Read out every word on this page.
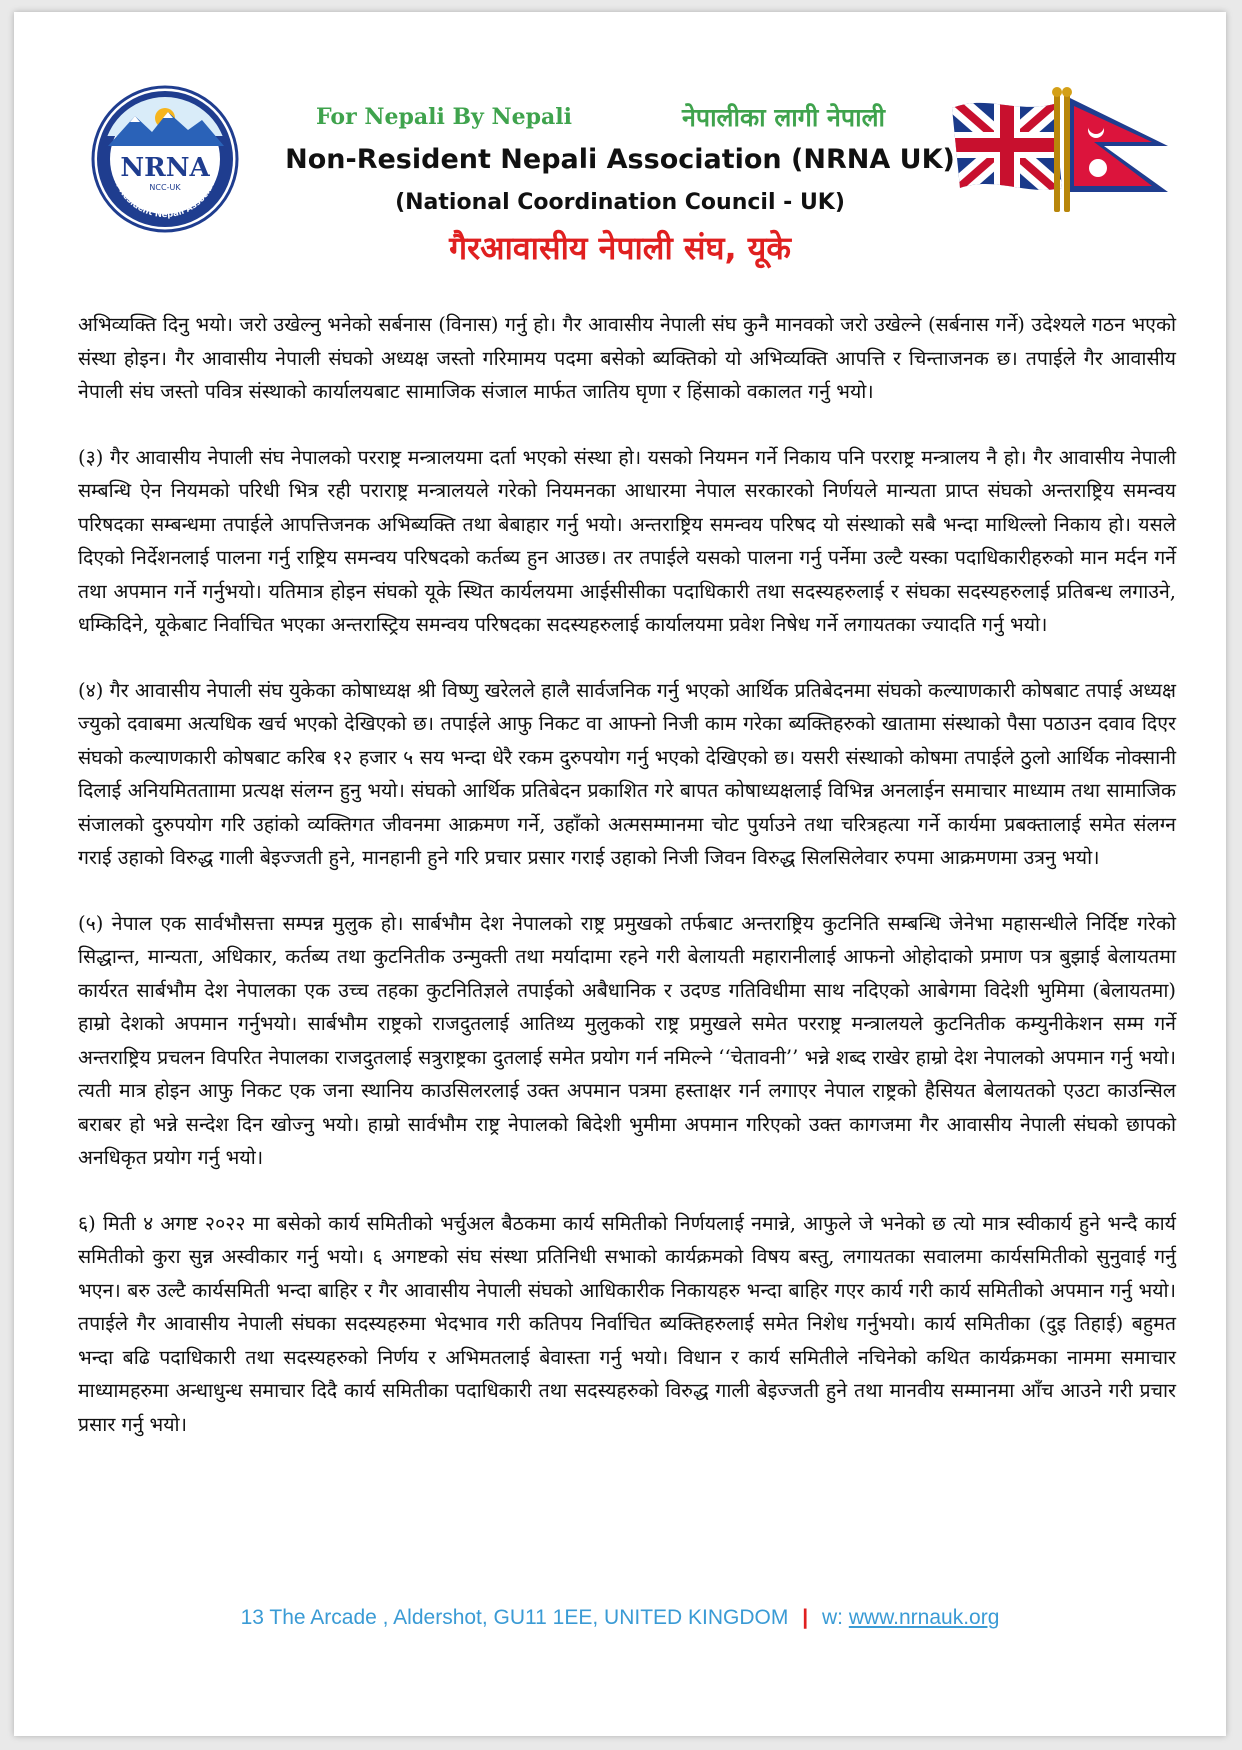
NRNA
NCC-UK
Non-Resident Nepali Association
For Nepali By Nepali	नेपालीका लागी नेपाली
Non-Resident Nepali Association (NRNA UK)
(National Coordination Council - UK)
गैरआवासीय नेपाली संघ, यूके

अभिव्यक्ति दिनु भयो। जरो उखेल्नु भनेको सर्बनास (विनास) गर्नु हो। गैर आवासीय नेपाली संघ कुनै मानवको जरो उखेल्ने (सर्बनास गर्ने) उदेश्यले गठन भएको संस्था होइन। गैर आवासीय नेपाली संघको अध्यक्ष जस्तो गरिमामय पदमा बसेको ब्यक्तिको यो अभिव्यक्ति आपत्ति र चिन्ताजनक छ। तपाईले गैर आवासीय नेपाली संघ जस्तो पवित्र संस्थाको कार्यालयबाट सामाजिक संजाल मार्फत जातिय घृणा र हिंसाको वकालत गर्नु भयो।

(३) गैर आवासीय नेपाली संघ नेपालको परराष्ट्र मन्त्रालयमा दर्ता भएको संस्था हो। यसको नियमन गर्ने निकाय पनि परराष्ट्र मन्त्रालय नै हो। गैर आवासीय नेपाली सम्बन्धि ऐन नियमको परिधी भित्र रही पराराष्ट्र मन्त्रालयले गरेको नियमनका आधारमा नेपाल सरकारको निर्णयले मान्यता प्राप्त संघको अन्तराष्ट्रिय समन्वय परिषदका सम्बन्धमा तपाईले आपत्तिजनक अभिब्यक्ति तथा बेबाहार गर्नु भयो। अन्तराष्ट्रिय समन्वय परिषद यो संस्थाको सबै भन्दा माथिल्लो निकाय हो। यसले दिएको निर्देशनलाई पालना गर्नु राष्ट्रिय समन्वय परिषदको कर्तब्य हुन आउछ। तर तपाईले यसको पालना गर्नु पर्नेमा उल्टै यस्का पदाधिकारीहरुको मान मर्दन गर्ने तथा अपमान गर्ने गर्नुभयो। यतिमात्र होइन संघको यूके स्थित कार्यलयमा आईसीसीका पदाधिकारी तथा सदस्यहरुलाई र संघका सदस्यहरुलाई प्रतिबन्ध लगाउने, धम्किदिने, यूकेबाट निर्वाचित भएका अन्तरास्ट्रिय समन्वय परिषदका सदस्यहरुलाई कार्यालयमा प्रवेश निषेध गर्ने लगायतका ज्यादति गर्नु भयो।

(४) गैर आवासीय नेपाली संघ युकेका कोषाध्यक्ष श्री विष्णु खरेलले हालै सार्वजनिक गर्नु भएको आर्थिक प्रतिबेदनमा संघको कल्याणकारी कोषबाट तपाई अध्यक्ष ज्युको दवाबमा अत्यधिक खर्च भएको देखिएको छ। तपाईले आफु निकट वा आफ्नो निजी काम गरेका ब्यक्तिहरुको खातामा संस्थाको पैसा पठाउन दवाव दिएर संघको कल्याणकारी कोषबाट करिब १२ हजार ५ सय भन्दा धेरै रकम दुरुपयोग गर्नु भएको देखिएको छ। यसरी संस्थाको कोषमा तपाईले ठुलो आर्थिक नोक्सानी दिलाई अनियमितताामा प्रत्यक्ष संलग्न हुनु भयो। संघको आर्थिक प्रतिबेदन प्रकाशित गरे बापत कोषाध्यक्षलाई विभिन्न अनलाईन समाचार माध्याम तथा सामाजिक संजालको दुरुपयोग गरि उहांको व्यक्तिगत जीवनमा आक्रमण गर्ने, उहाँको अत्मसम्मानमा चोट पुर्याउने तथा चरित्रहत्या गर्ने कार्यमा प्रबक्तालाई समेत संलग्न गराई उहाको विरुद्ध गाली बेइज्जती हुने, मानहानी हुने गरि प्रचार प्रसार गराई उहाको निजी जिवन विरुद्ध सिलसिलेवार रुपमा आक्रमणमा उत्रनु भयो।

(५) नेपाल एक सार्वभौसत्ता सम्पन्न मुलुक हो। सार्बभौम देश नेपालको राष्ट्र प्रमुखको तर्फबाट अन्तराष्ट्रिय कुटनिति सम्बन्धि जेनेभा महासन्धीले निर्दिष्ट गरेको सिद्धान्त, मान्यता, अधिकार, कर्तब्य तथा कुटनितीक उन्मुक्ती तथा मर्यादामा रहने गरी बेलायती महारानीलाई आफनो ओहोदाको प्रमाण पत्र बुझाई बेलायतमा कार्यरत सार्बभौम देश नेपालका एक उच्च तहका कुटनितिज्ञले तपाईको अबैधानिक र उदण्ड गतिविधीमा साथ नदिएको आबेगमा विदेशी भुमिमा (बेलायतमा) हाम्रो देशको अपमान गर्नुभयो। सार्बभौम राष्ट्रको राजदुतलाई आतिथ्य मुलुकको राष्ट्र प्रमुखले समेत परराष्ट्र मन्त्रालयले कुटनितीक कम्युनीकेशन सम्म गर्ने अन्तराष्ट्रिय प्रचलन विपरित नेपालका राजदुतलाई सत्रुराष्ट्रका दुतलाई समेत प्रयोग गर्न नमिल्ने ‘‘चेतावनी’’ भन्ने शब्द राखेर हाम्रो देश नेपालको अपमान गर्नु भयो। त्यती मात्र होइन आफु निकट एक जना स्थानिय काउसिलरलाई उक्त अपमान पत्रमा हस्ताक्षर गर्न लगाएर नेपाल राष्ट्रको हैसियत बेलायतको एउटा काउन्सिल बराबर हो भन्ने सन्देश दिन खोज्नु भयो। हाम्रो सार्वभौम राष्ट्र नेपालको बिदेशी भुमीमा अपमान गरिएको उक्त कागजमा गैर आवासीय नेपाली संघको छापको अनधिकृत प्रयोग गर्नु भयो।

६) मिती ४ अगष्ट २०२२ मा बसेको कार्य समितीको भर्चुअल बैठकमा कार्य समितीको निर्णयलाई नमान्ने, आफुले जे भनेको छ त्यो मात्र स्वीकार्य हुने भन्दै कार्य समितीको कुरा सुन्न अस्वीकार गर्नु भयो। ६ अगष्टको संघ संस्था प्रतिनिधी सभाको कार्यक्रमको विषय बस्तु, लगायतका सवालमा कार्यसमितीको सुनुवाई गर्नु भएन। बरु उल्टै कार्यसमिती भन्दा बाहिर र गैर आवासीय नेपाली संघको आधिकारीक निकायहरु भन्दा बाहिर गएर कार्य गरी कार्य समितीको अपमान गर्नु भयो। तपाईले गैर आवासीय नेपाली संघका सदस्यहरुमा भेदभाव गरी कतिपय निर्वाचित ब्यक्तिहरुलाई समेत निशेध गर्नुभयो। कार्य समितीका (दुइ तिहाई) बहुमत भन्दा बढि पदाधिकारी तथा सदस्यहरुको निर्णय र अभिमतलाई बेवास्ता गर्नु भयो। विधान र कार्य समितीले नचिनेको कथित कार्यक्रमका नाममा समाचार माध्यामहरुमा अन्धाधुन्ध समाचार दिदै कार्य समितीका पदाधिकारी तथा सदस्यहरुको विरुद्ध गाली बेइज्जती हुने तथा मानवीय सम्मानमा आँच आउने गरी प्रचार प्रसार गर्नु भयो।

13 The Arcade , Aldershot, GU11 1EE, UNITED KINGDOM | w: www.nrnauk.org
